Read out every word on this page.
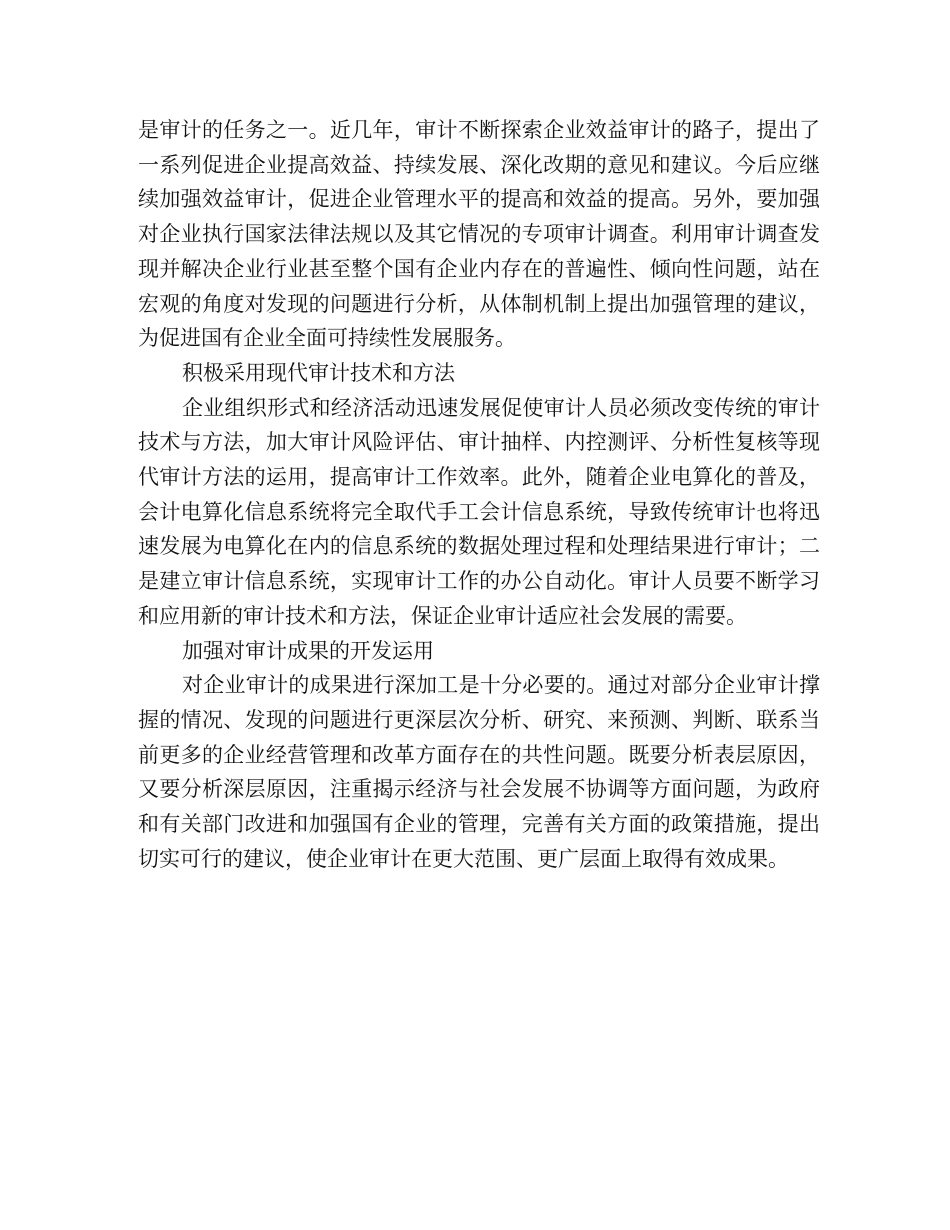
是审计的任务之一。近几年，审计不断探索企业效益审计的路子，提出了一系列促进企业提高效益、持续发展、深化改期的意见和建议。今后应继续加强效益审计，促进企业管理水平的提高和效益的提高。另外，要加强对企业执行国家法律法规以及其它情况的专项审计调查。利用审计调查发现并解决企业行业甚至整个国有企业内存在的普遍性、倾向性问题，站在宏观的角度对发现的问题进行分析，从体制机制上提出加强管理的建议，为促进国有企业全面可持续性发展服务。

积极采用现代审计技术和方法

企业组织形式和经济活动迅速发展促使审计人员必须改变传统的审计技术与方法，加大审计风险评估、审计抽样、内控测评、分析性复核等现代审计方法的运用，提高审计工作效率。此外，随着企业电算化的普及，会计电算化信息系统将完全取代手工会计信息系统，导致传统审计也将迅速发展为电算化在内的信息系统的数据处理过程和处理结果进行审计；二是建立审计信息系统，实现审计工作的办公自动化。审计人员要不断学习和应用新的审计技术和方法，保证企业审计适应社会发展的需要。

加强对审计成果的开发运用

对企业审计的成果进行深加工是十分必要的。通过对部分企业审计撑握的情况、发现的问题进行更深层次分析、研究、来预测、判断、联系当前更多的企业经营管理和改革方面存在的共性问题。既要分析表层原因，又要分析深层原因，注重揭示经济与社会发展不协调等方面问题，为政府和有关部门改进和加强国有企业的管理，完善有关方面的政策措施，提出切实可行的建议，使企业审计在更大范围、更广层面上取得有效成果。
